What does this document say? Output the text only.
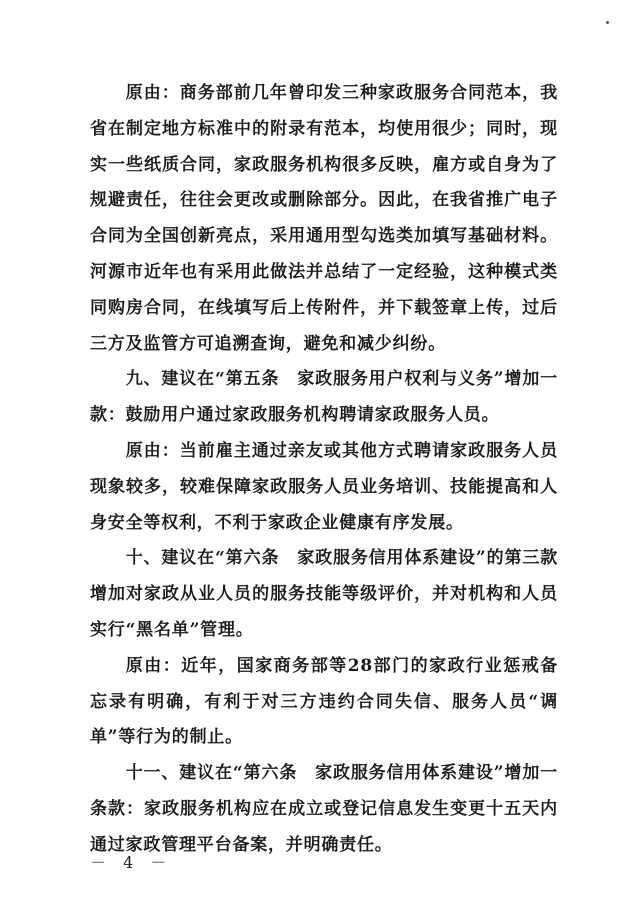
原由：商务部前几年曾印发三种家政服务合同范本，我省在制定地方标准中的附录有范本，均使用很少；同时，现实一些纸质合同，家政服务机构很多反映，雇方或自身为了规避责任，往往会更改或删除部分。因此，在我省推广电子合同为全国创新亮点，采用通用型勾选类加填写基础材料。河源市近年也有采用此做法并总结了一定经验，这种模式类同购房合同，在线填写后上传附件，并下载签章上传，过后三方及监管方可追溯查询，避免和减少纠纷。

九、建议在“第五条　家政服务用户权利与义务”增加一款：鼓励用户通过家政服务机构聘请家政服务人员。

原由：当前雇主通过亲友或其他方式聘请家政服务人员现象较多，较难保障家政服务人员业务培训、技能提高和人身安全等权利，不利于家政企业健康有序发展。

十、建议在“第六条　家政服务信用体系建设”的第三款增加对家政从业人员的服务技能等级评价，并对机构和人员实行“黑名单”管理。

原由：近年，国家商务部等28部门的家政行业惩戒备忘录有明确，有利于对三方违约合同失信、服务人员“调单”等行为的制止。

十一、建议在“第六条　家政服务信用体系建设”增加一条款：家政服务机构应在成立或登记信息发生变更十五天内通过家政管理平台备案，并明确责任。

－ 4 －
